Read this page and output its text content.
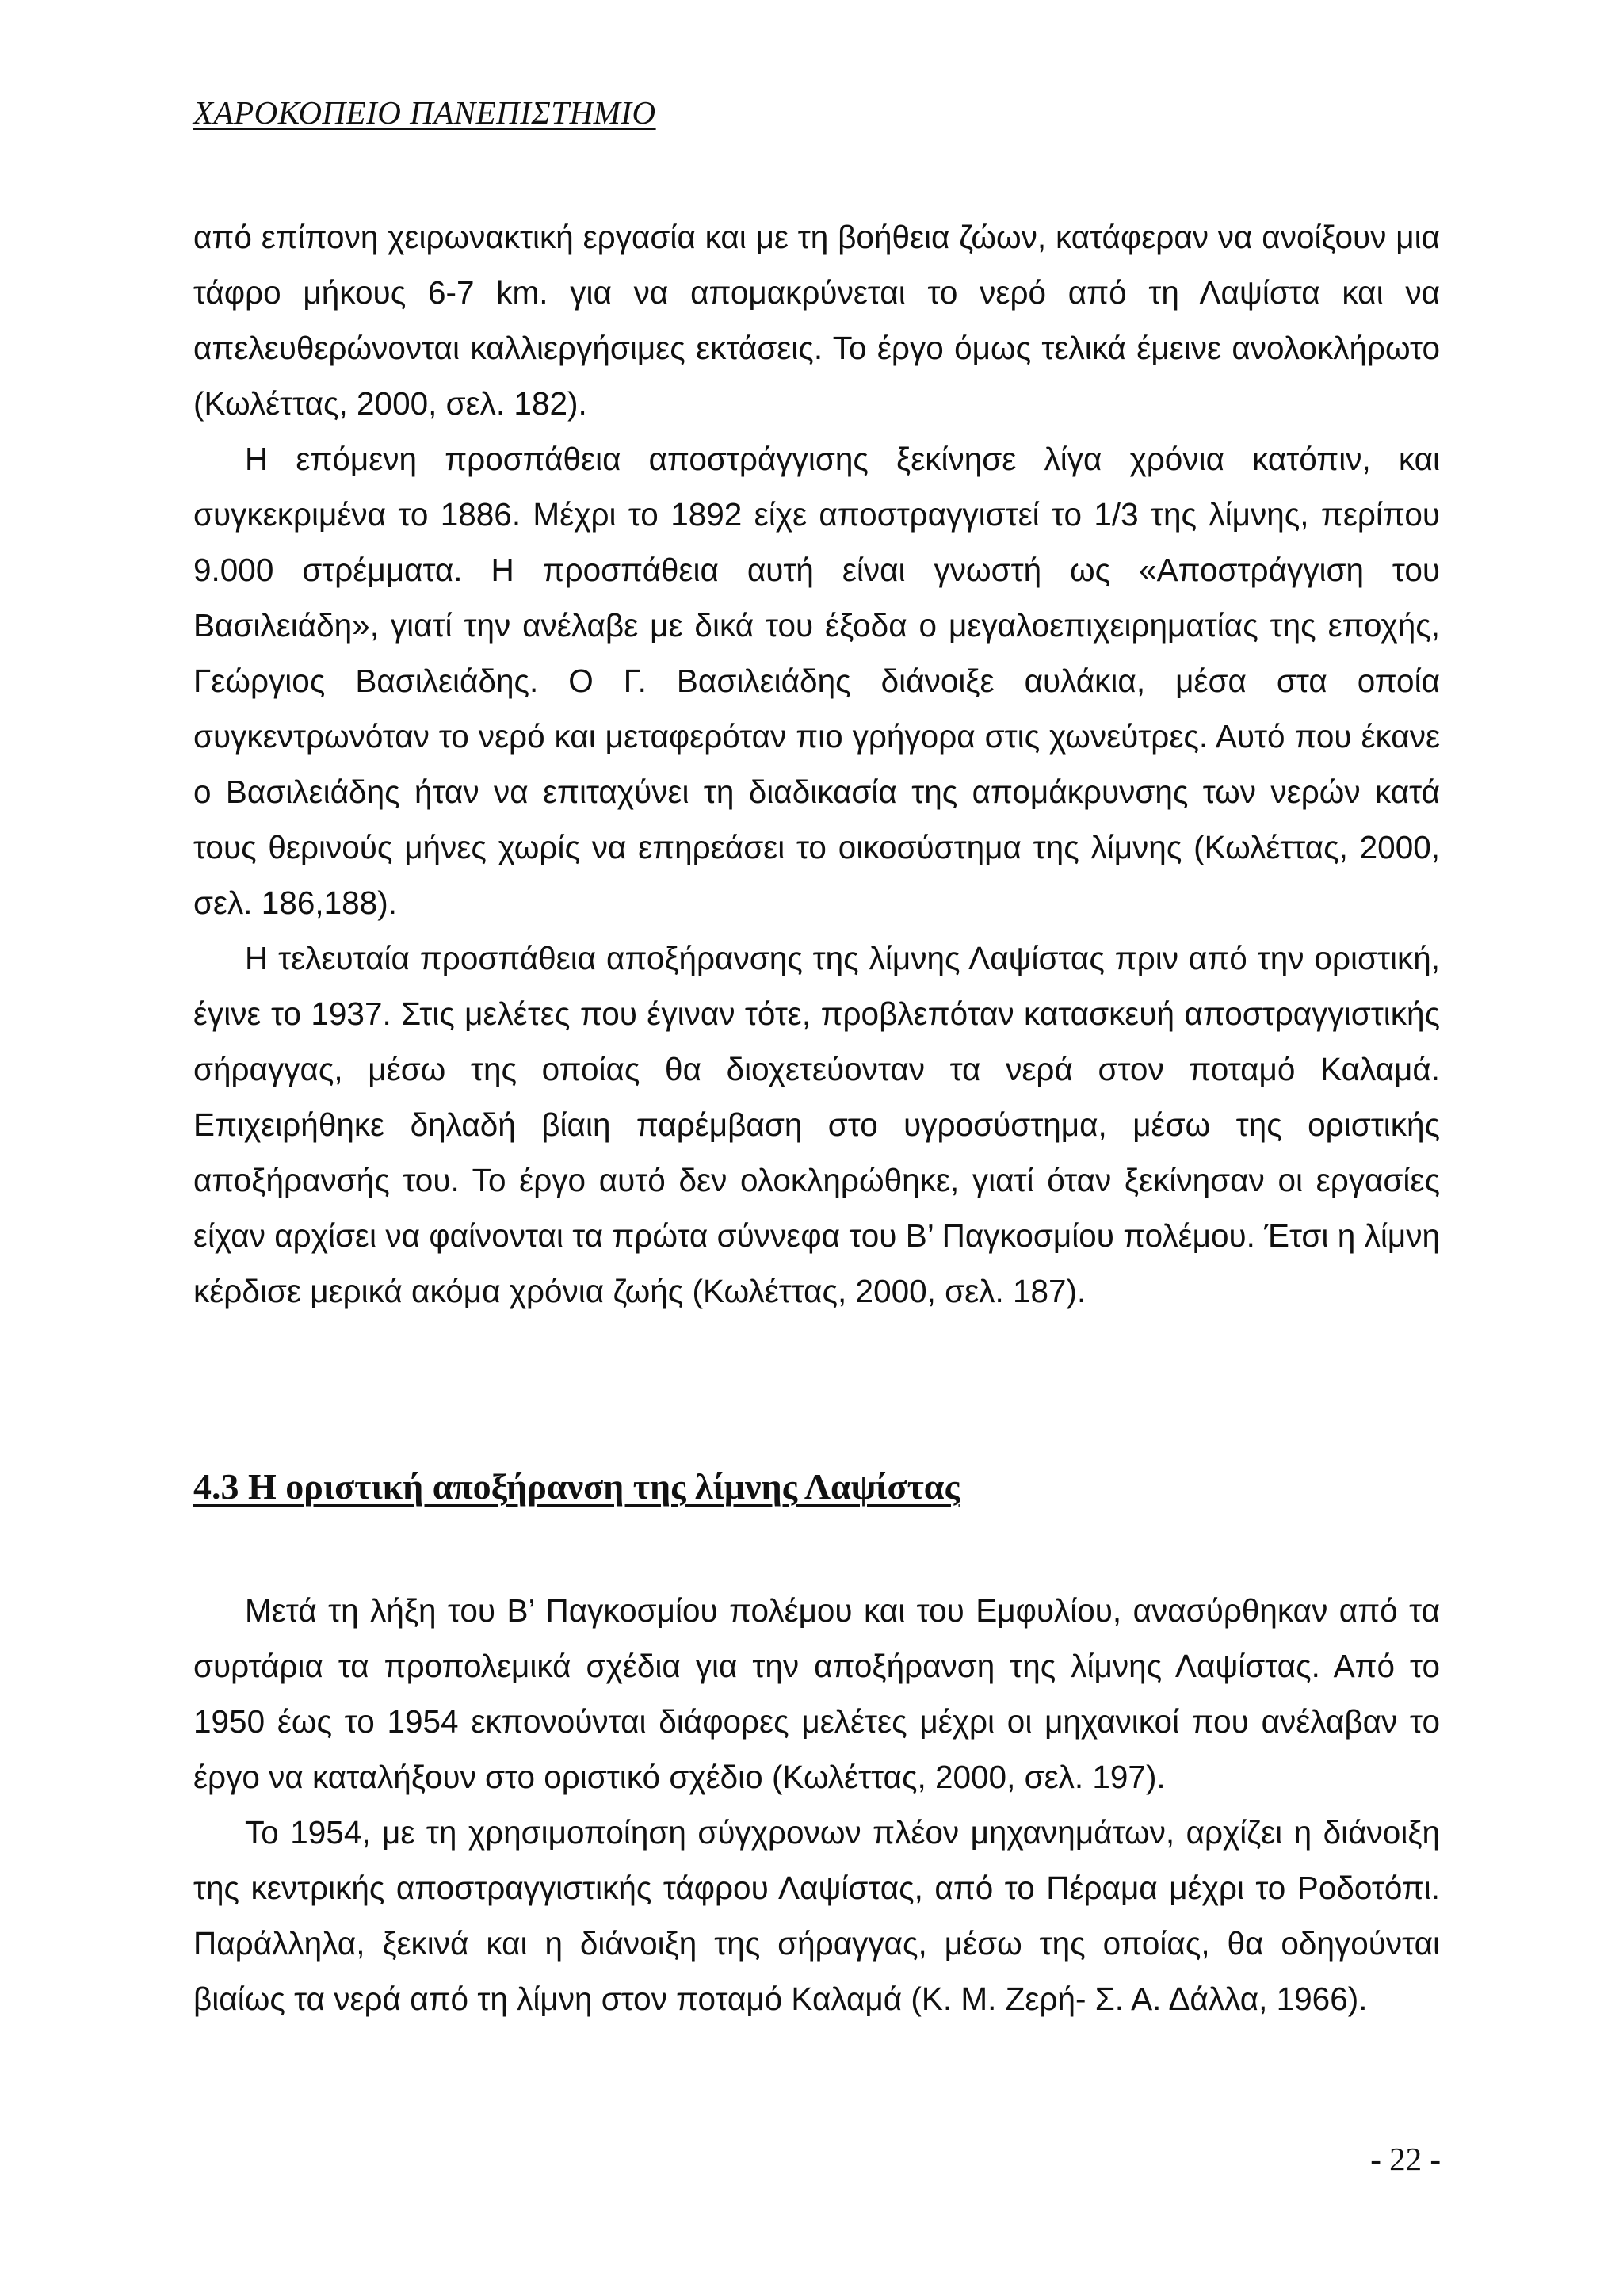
ΧΑΡΟΚΟΠΕΙΟ ΠΑΝΕΠΙΣΤΗΜΙΟ

από επίπονη χειρωνακτική εργασία και με τη βοήθεια ζώων, κατάφεραν να ανοίξουν μια τάφρο μήκους 6-7 km. για να απομακρύνεται το νερό από τη Λαψίστα και να απελευθερώνονται καλλιεργήσιμες εκτάσεις. Το έργο όμως τελικά έμεινε ανολοκλήρωτο (Κωλέττας, 2000, σελ. 182).

Η επόμενη προσπάθεια αποστράγγισης ξεκίνησε λίγα χρόνια κατόπιν, και συγκεκριμένα το 1886. Μέχρι το 1892 είχε αποστραγγιστεί το 1/3 της λίμνης, περίπου 9.000 στρέμματα. Η προσπάθεια αυτή είναι γνωστή ως «Αποστράγγιση του Βασιλειάδη», γιατί την ανέλαβε με δικά του έξοδα ο μεγαλοεπιχειρηματίας της εποχής, Γεώργιος Βασιλειάδης. Ο Γ. Βασιλειάδης διάνοιξε αυλάκια, μέσα στα οποία συγκεντρωνόταν το νερό και μεταφερόταν πιο γρήγορα στις χωνεύτρες. Αυτό που έκανε ο Βασιλειάδης ήταν να επιταχύνει τη διαδικασία της απομάκρυνσης των νερών κατά τους θερινούς μήνες χωρίς να επηρεάσει το οικοσύστημα της λίμνης (Κωλέττας, 2000, σελ. 186,188).

Η τελευταία προσπάθεια αποξήρανσης της λίμνης Λαψίστας πριν από την οριστική, έγινε το 1937. Στις μελέτες που έγιναν τότε, προβλεπόταν κατασκευή αποστραγγιστικής σήραγγας, μέσω της οποίας θα διοχετεύονταν τα νερά στον ποταμό Καλαμά. Επιχειρήθηκε δηλαδή βίαιη παρέμβαση στο υγροσύστημα, μέσω της οριστικής αποξήρανσής του. Το έργο αυτό δεν ολοκληρώθηκε, γιατί όταν ξεκίνησαν οι εργασίες είχαν αρχίσει να φαίνονται τα πρώτα σύννεφα του Β’ Παγκοσμίου πολέμου. Έτσι η λίμνη κέρδισε μερικά ακόμα χρόνια ζωής (Κωλέττας, 2000, σελ. 187).

4.3 Η οριστική αποξήρανση της λίμνης Λαψίστας

Μετά τη λήξη του Β’ Παγκοσμίου πολέμου και του Εμφυλίου, ανασύρθηκαν από τα συρτάρια τα προπολεμικά σχέδια για την αποξήρανση της λίμνης Λαψίστας. Από το 1950 έως το 1954 εκπονούνται διάφορες μελέτες μέχρι οι μηχανικοί που ανέλαβαν το έργο να καταλήξουν στο οριστικό σχέδιο (Κωλέττας, 2000, σελ. 197).

Το 1954, με τη χρησιμοποίηση σύγχρονων πλέον μηχανημάτων, αρχίζει η διάνοιξη της κεντρικής αποστραγγιστικής τάφρου Λαψίστας, από το Πέραμα μέχρι το Ροδοτόπι. Παράλληλα, ξεκινά και η διάνοιξη της σήραγγας, μέσω της οποίας, θα οδηγούνται βιαίως τα νερά από τη λίμνη στον ποταμό Καλαμά (Κ. Μ. Ζερή- Σ. Α. Δάλλα, 1966).

- 22 -
